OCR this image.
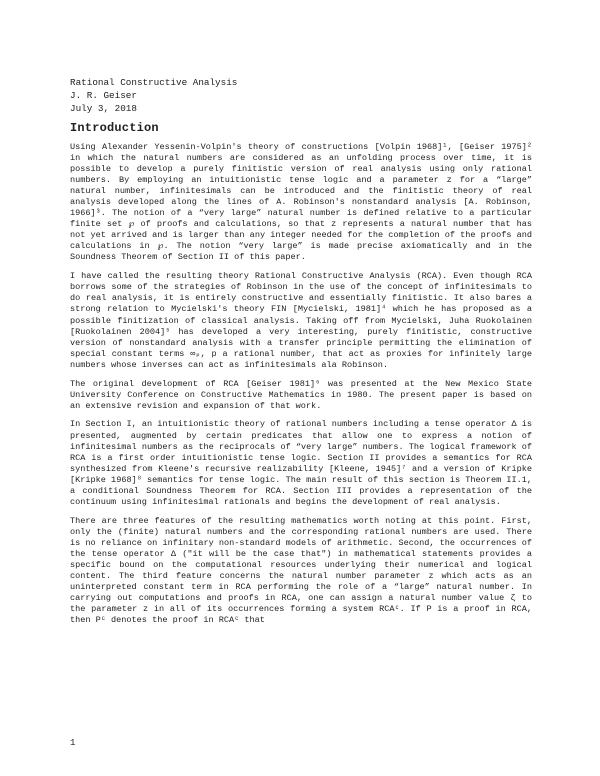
Rational Constructive Analysis
J. R. Geiser
July 3, 2018
Introduction

Using Alexander Yessenin-Volpin's theory of constructions [Volpin 1968]¹, [Geiser 1975]² in which the natural numbers are considered as an unfolding process over time, it is possible to develop a purely finitistic version of real analysis using only rational numbers. By employing an intuitionistic tense logic and a parameter z for a “large” natural number, infinitesimals can be introduced and the finitistic theory of real analysis developed along the lines of A. Robinson's nonstandard analysis [A. Robinson, 1966]³. The notion of a “very large” natural number is defined relative to a particular finite set ℘ of proofs and calculations, so that z represents a natural number that has not yet arrived and is larger than any integer needed for the completion of the proofs and calculations in ℘. The notion “very large” is made precise axiomatically and in the Soundness Theorem of Section II of this paper.

I have called the resulting theory Rational Constructive Analysis (RCA). Even though RCA borrows some of the strategies of Robinson in the use of the concept of infinitesimals to do real analysis, it is entirely constructive and essentially finitistic. It also bares a strong relation to Mycielski's theory FIN [Mycielski, 1981]⁴ which he has proposed as a possible finitization of classical analysis. Taking off from Mycielski, Juha Ruokolainen [Ruokolainen 2004]⁵ has developed a very interesting, purely finitistic, constructive version of nonstandard analysis with a transfer principle permitting the elimination of special constant terms ∞ₚ, p a rational number, that act as proxies for infinitely large numbers whose inverses can act as infinitesimals ala Robinson.

The original development of RCA [Geiser 1981]⁶ was presented at the New Mexico State University Conference on Constructive Mathematics in 1980. The present paper is based on an extensive revision and expansion of that work.

In Section I, an intuitionistic theory of rational numbers including a tense operator Δ is presented, augmented by certain predicates that allow one to express a notion of infinitesimal numbers as the reciprocals of “very large” numbers. The logical framework of RCA is a first order intuitionistic tense logic. Section II provides a semantics for RCA synthesized from Kleene's recursive realizability [Kleene, 1945]⁷ and a version of Kripke [Kripke 1968]⁸ semantics for tense logic. The main result of this section is Theorem II.1, a conditional Soundness Theorem for RCA. Section III provides a representation of the continuum using infinitesimal rationals and begins the development of real analysis.

There are three features of the resulting mathematics worth noting at this point. First, only the (finite) natural numbers and the corresponding rational numbers are used. There is no reliance on infinitary non-standard models of arithmetic. Second, the occurrences of the tense operator Δ ("it will be the case that") in mathematical statements provides a specific bound on the computational resources underlying their numerical and logical content. The third feature concerns the natural number parameter z which acts as an uninterpreted constant term in RCA performing the role of a “large” natural number. In carrying out computations and proofs in RCA, one can assign a natural number value ζ to the parameter z in all of its occurrences forming a system RCAᶜ. If P is a proof in RCA, then Pᶜ denotes the proof in RCAᶜ that

1
